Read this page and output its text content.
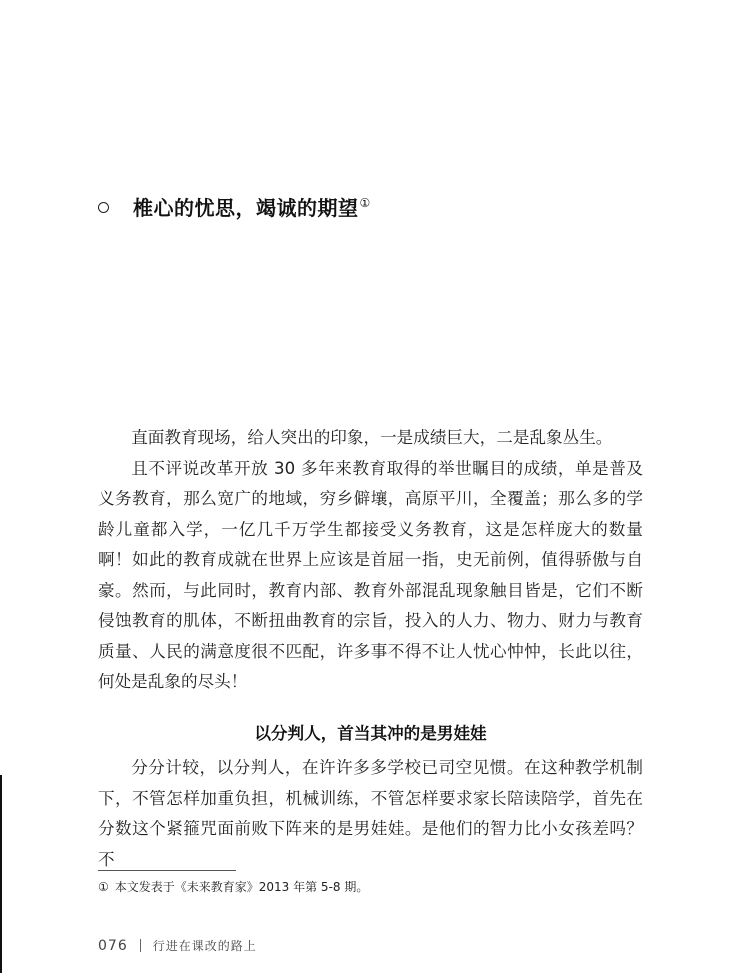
椎心的忧思，竭诚的期望①

直面教育现场，给人突出的印象，一是成绩巨大，二是乱象丛生。

且不评说改革开放 30 多年来教育取得的举世瞩目的成绩，单是普及义务教育，那么宽广的地域，穷乡僻壤，高原平川，全覆盖；那么多的学龄儿童都入学，一亿几千万学生都接受义务教育，这是怎样庞大的数量啊！如此的教育成就在世界上应该是首屈一指，史无前例，值得骄傲与自豪。然而，与此同时，教育内部、教育外部混乱现象触目皆是，它们不断侵蚀教育的肌体，不断扭曲教育的宗旨，投入的人力、物力、财力与教育质量、人民的满意度很不匹配，许多事不得不让人忧心忡忡，长此以往，何处是乱象的尽头！

以分判人，首当其冲的是男娃娃

分分计较，以分判人，在许许多多学校已司空见惯。在这种教学机制下，不管怎样加重负担，机械训练，不管怎样要求家长陪读陪学，首先在分数这个紧箍咒面前败下阵来的是男娃娃。是他们的智力比小女孩差吗？不

① 本文发表于《未来教育家》2013 年第 5-8 期。
076 行进在课改的路上
